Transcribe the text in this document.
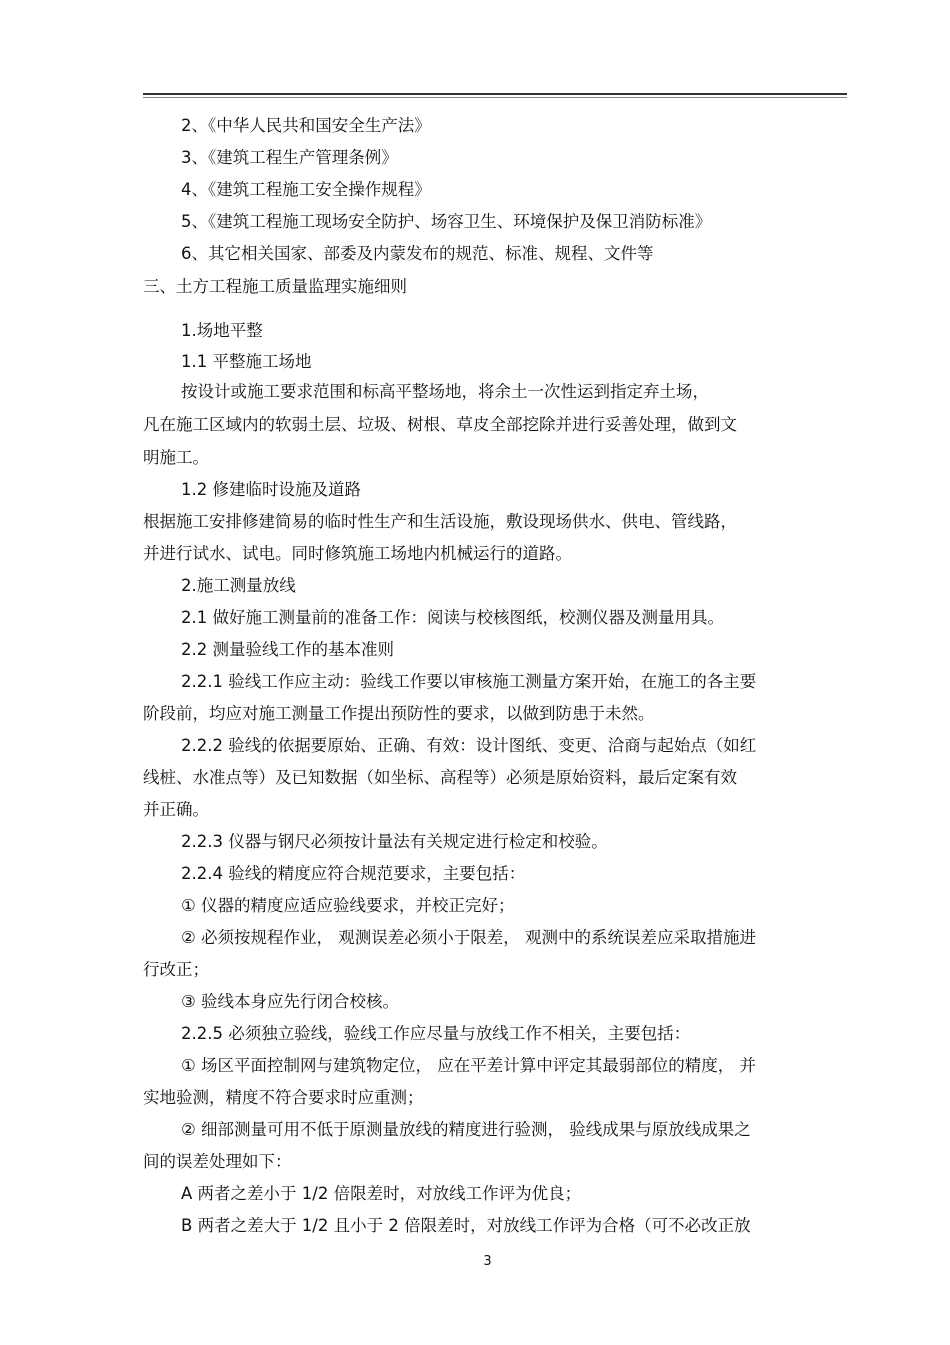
2、《中华人民共和国安全生产法》
3、《建筑工程生产管理条例》
4、《建筑工程施工安全操作规程》
5、《建筑工程施工现场安全防护、场容卫生、环境保护及保卫消防标准》
6、其它相关国家、部委及内蒙发布的规范、标准、规程、文件等
三、土方工程施工质量监理实施细则
1.场地平整
1.1 平整施工场地
按设计或施工要求范围和标高平整场地，将余土一次性运到指定弃土场，
凡在施工区域内的软弱土层、垃圾、树根、草皮全部挖除并进行妥善处理，做到文
明施工。
1.2 修建临时设施及道路
根据施工安排修建简易的临时性生产和生活设施，敷设现场供水、供电、管线路，
并进行试水、试电。同时修筑施工场地内机械运行的道路。
2.施工测量放线
2.1 做好施工测量前的准备工作：阅读与校核图纸，校测仪器及测量用具。
2.2 测量验线工作的基本准则
2.2.1 验线工作应主动：验线工作要以审核施工测量方案开始，在施工的各主要
阶段前，均应对施工测量工作提出预防性的要求，以做到防患于未然。
2.2.2 验线的依据要原始、正确、有效：设计图纸、变更、洽商与起始点（如红
线桩、水准点等）及已知数据（如坐标、高程等）必须是原始资料，最后定案有效
并正确。
2.2.3 仪器与钢尺必须按计量法有关规定进行检定和校验。
2.2.4 验线的精度应符合规范要求，主要包括：
① 仪器的精度应适应验线要求，并校正完好；
② 必须按规程作业， 观测误差必须小于限差， 观测中的系统误差应采取措施进
行改正；
③ 验线本身应先行闭合校核。
2.2.5 必须独立验线，验线工作应尽量与放线工作不相关，主要包括：
① 场区平面控制网与建筑物定位， 应在平差计算中评定其最弱部位的精度， 并
实地验测，精度不符合要求时应重测；
② 细部测量可用不低于原测量放线的精度进行验测， 验线成果与原放线成果之
间的误差处理如下：
A 两者之差小于 1/2 倍限差时，对放线工作评为优良；
B 两者之差大于 1/2 且小于 2 倍限差时，对放线工作评为合格（可不必改正放
3
